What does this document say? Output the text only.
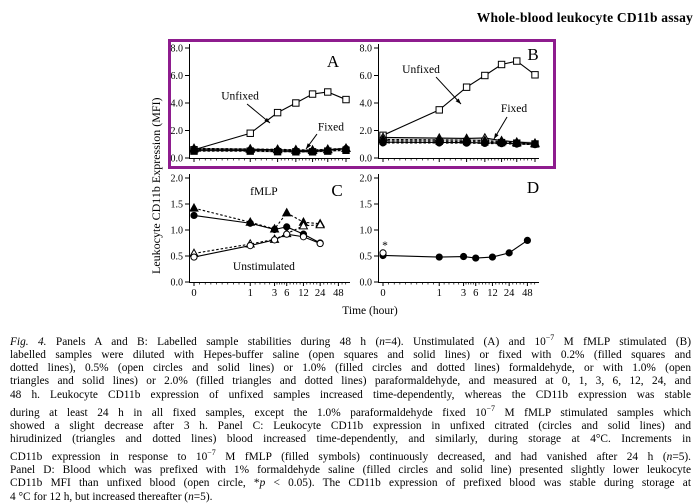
Whole-blood leukocyte CD11b assay
0.0
2.0
4.0
6.0
8.0
Unfixed
Fixed
A
0.0
2.0
4.0
6.0
8.0
Unfixed
Fixed
B
0.0
0.5
1.0
1.5
2.0
0	1 3 6 12 24 48
fMLP
Unstimulated
C
0.0
0.5
1.0
1.5
2.0
0	1 3 6 12 24 48
*
D
Leukocyte CD11b Expression (MFI)
Time (hour)
Fig. 4. Panels A and B: Labelled sample stabilities during 48 h (n=4). Unstimulated (A) and $10^{-7}$ M fMLP stimulated (B)
labelled samples were diluted with Hepes-buffer saline (open squares and solid lines) or fixed with 0.2% (filled squares and
dotted lines), 0.5% (open circles and solid lines) or 1.0% (filled circles and dotted lines) formaldehyde, or with 1.0% (open
triangles and solid lines) or 2.0% (filled triangles and dotted lines) paraformaldehyde, and measured at 0, 1, 3, 6, 12, 24, and
48 h. Leukocyte CD11b expression of unfixed samples increased time-dependently, whereas the CD11b expression was stable
during at least 24 h in all fixed samples, except the 1.0% paraformaldehyde fixed $10^{-7}$ M fMLP stimulated samples which
showed a slight decrease after 3 h. Panel C: Leukocyte CD11b expression in unfixed citrated (circles and solid lines) and
hirudinized (triangles and dotted lines) blood increased time-dependently, and similarly, during storage at 4°C. Increments in
CD11b expression in response to $10^{-7}$ M fMLP (filled symbols) continuously decreased, and had vanished after 24 h (n=5).
Panel D: Blood which was prefixed with 1% formaldehyde saline (filled circles and solid line) presented slightly lower leukocyte
CD11b MFI than unfixed blood (open circle, *p < 0.05). The CD11b expression of prefixed blood was stable during storage at
4 °C for 12 h, but increased thereafter (n=5).
